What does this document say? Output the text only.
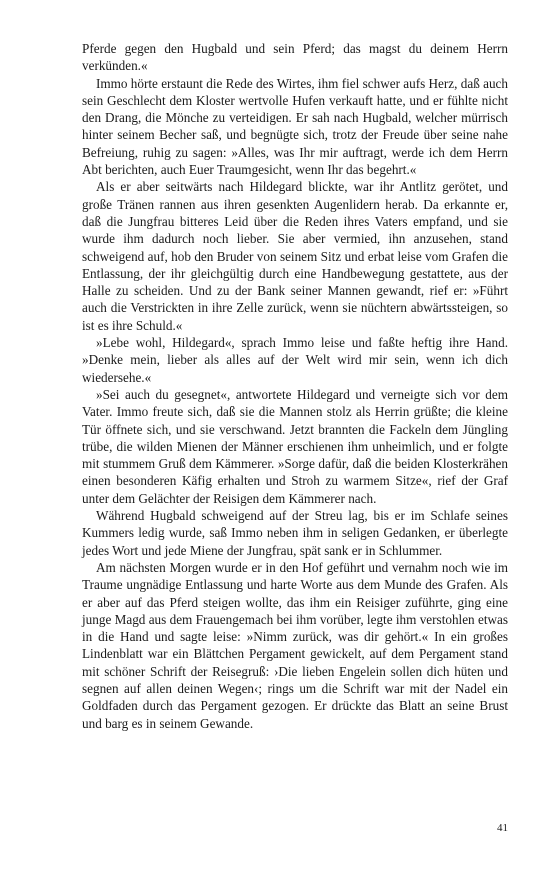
Pferde gegen den Hugbald und sein Pferd; das magst du deinem Herrn verkünden.«

Immo hörte erstaunt die Rede des Wirtes, ihm fiel schwer aufs Herz, daß auch sein Geschlecht dem Kloster wertvolle Hufen verkauft hatte, und er fühlte nicht den Drang, die Mönche zu verteidigen. Er sah nach Hugbald, welcher mürrisch hinter seinem Becher saß, und begnügte sich, trotz der Freude über seine nahe Befreiung, ruhig zu sagen: »Alles, was Ihr mir auftragt, werde ich dem Herrn Abt berichten, auch Euer Traumgesicht, wenn Ihr das begehrt.«

Als er aber seitwärts nach Hildegard blickte, war ihr Antlitz gerötet, und große Tränen rannen aus ihren gesenkten Augenlidern herab. Da erkannte er, daß die Jungfrau bitteres Leid über die Reden ihres Vaters empfand, und sie wurde ihm dadurch noch lieber. Sie aber vermied, ihn anzusehen, stand schweigend auf, hob den Bruder von seinem Sitz und erbat leise vom Grafen die Entlassung, der ihr gleichgültig durch eine Handbewegung gestattete, aus der Halle zu scheiden. Und zu der Bank seiner Mannen gewandt, rief er: »Führt auch die Verstrickten in ihre Zelle zurück, wenn sie nüchtern abwärtssteigen, so ist es ihre Schuld.«

»Lebe wohl, Hildegard«, sprach Immo leise und faßte heftig ihre Hand. »Denke mein, lieber als alles auf der Welt wird mir sein, wenn ich dich wiedersehe.«

»Sei auch du gesegnet«, antwortete Hildegard und verneigte sich vor dem Vater. Immo freute sich, daß sie die Mannen stolz als Herrin grüßte; die kleine Tür öffnete sich, und sie verschwand. Jetzt brannten die Fackeln dem Jüngling trübe, die wilden Mienen der Männer erschienen ihm unheimlich, und er folgte mit stummem Gruß dem Kämmerer. »Sorge dafür, daß die beiden Klosterkrähen einen besonderen Käfig erhalten und Stroh zu warmem Sitze«, rief der Graf unter dem Gelächter der Reisigen dem Kämmerer nach.

Während Hugbald schweigend auf der Streu lag, bis er im Schlafe seines Kummers ledig wurde, saß Immo neben ihm in seligen Gedanken, er überlegte jedes Wort und jede Miene der Jungfrau, spät sank er in Schlummer.

Am nächsten Morgen wurde er in den Hof geführt und vernahm noch wie im Traume ungnädige Entlassung und harte Worte aus dem Munde des Grafen. Als er aber auf das Pferd steigen wollte, das ihm ein Reisiger zuführte, ging eine junge Magd aus dem Frauengemach bei ihm vorüber, legte ihm verstohlen etwas in die Hand und sagte leise: »Nimm zurück, was dir gehört.« In ein großes Lindenblatt war ein Blättchen Pergament gewickelt, auf dem Pergament stand mit schöner Schrift der Reisegruß: ›Die lieben Engelein sollen dich hüten und segnen auf allen deinen Wegen‹; rings um die Schrift war mit der Nadel ein Goldfaden durch das Pergament gezogen. Er drückte das Blatt an seine Brust und barg es in seinem Gewande.

41
